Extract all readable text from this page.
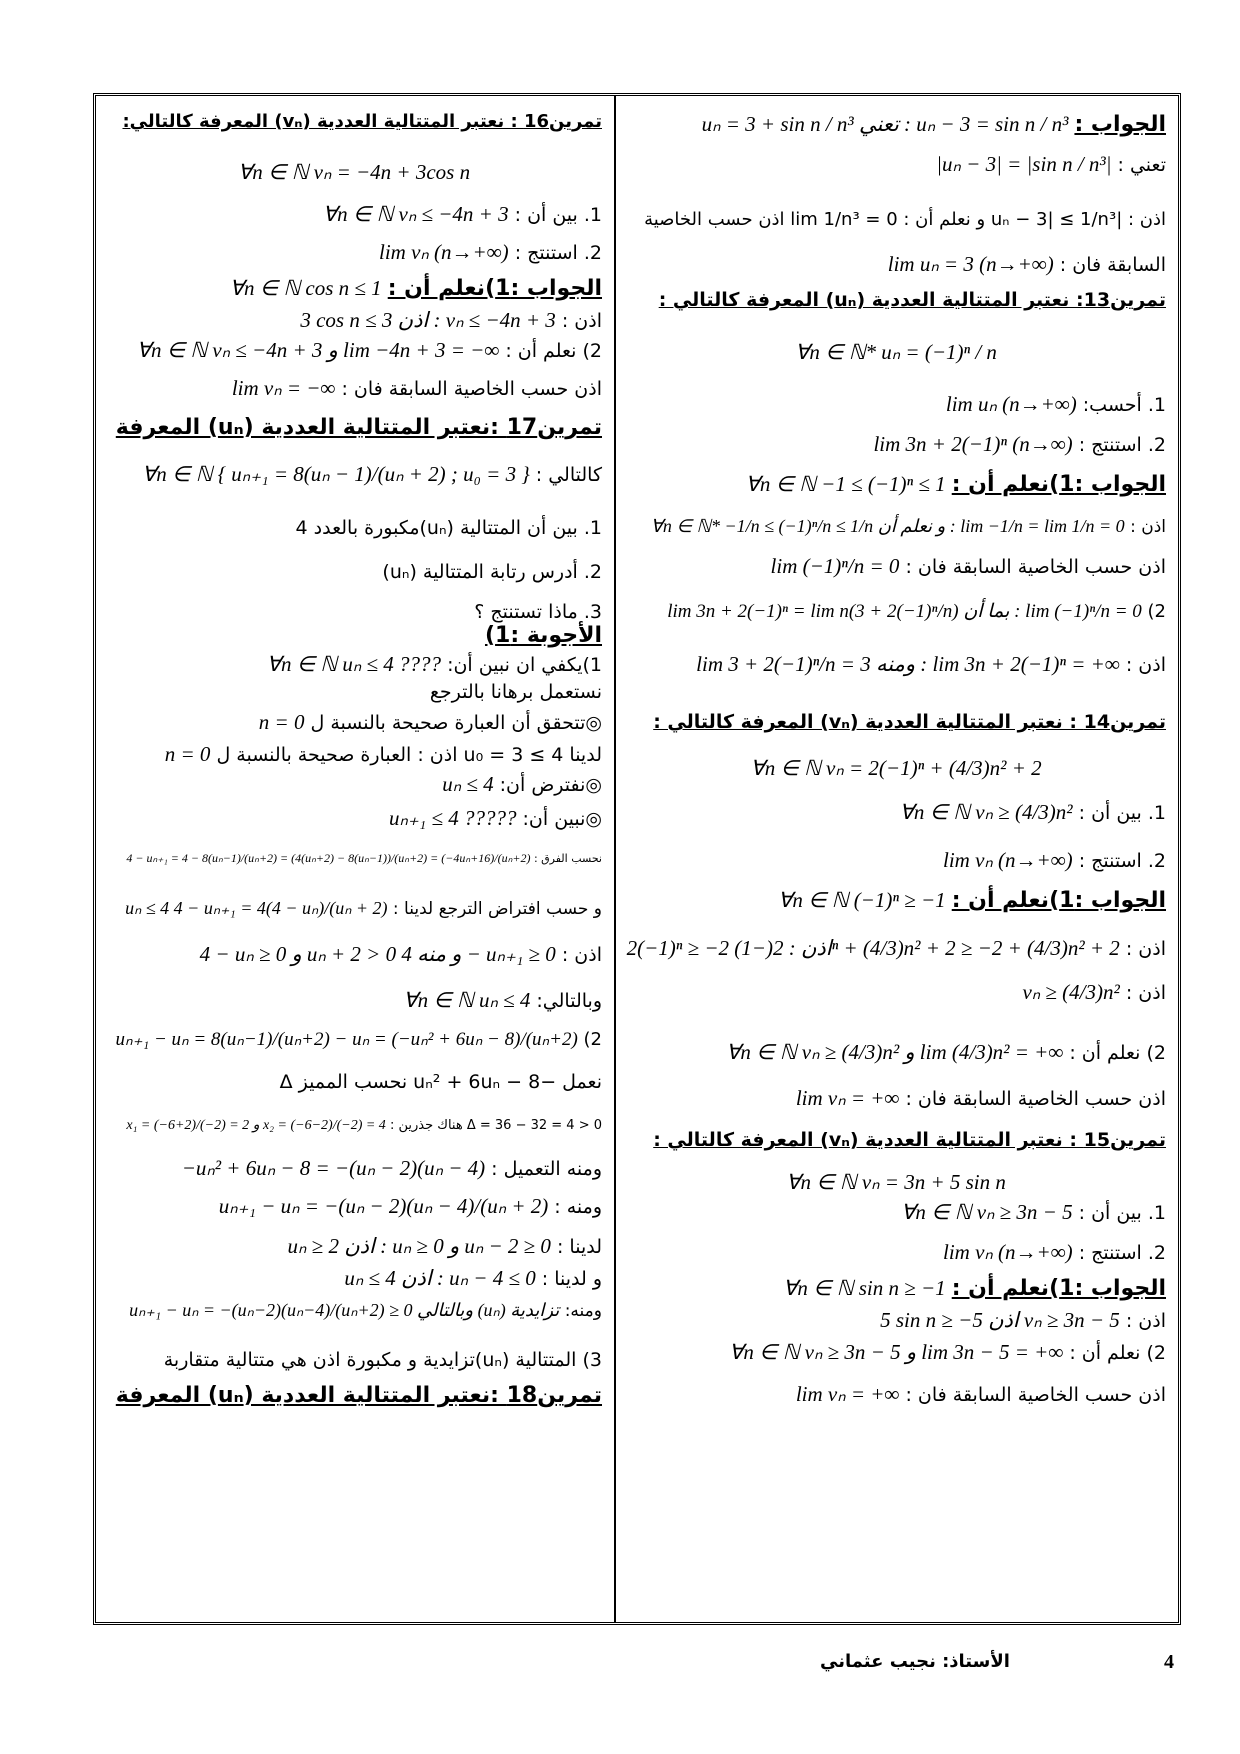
الجواب : uₙ = 3 + sin n / n³ تعني : uₙ − 3 = sin n / n³
تعني : |uₙ − 3| = |sin n / n³|
اذن : |uₙ − 3| ≤ 1/n³ و نعلم أن : lim 1/n³ = 0 اذن حسب الخاصية
السابقة فان : lim uₙ = 3 (n→+∞)
تمرين13: نعتبر المتتالية العددية (uₙ) المعرفة كالتالي :
∀n ∈ ℕ* uₙ = (−1)ⁿ / n
1. أحسب: lim uₙ (n→+∞)
2. استنتج : lim 3n + 2(−1)ⁿ (n→∞)
الجواب :1)نعلم أن : ∀n ∈ ℕ −1 ≤ (−1)ⁿ ≤ 1
اذن : ∀n ∈ ℕ* −1/n ≤ (−1)ⁿ/n ≤ 1/n و نعلم أن : lim −1/n = lim 1/n = 0
اذن حسب الخاصية السابقة فان : lim (−1)ⁿ/n = 0
2) lim 3n + 2(−1)ⁿ = lim n(3 + 2(−1)ⁿ/n) بما أن : lim (−1)ⁿ/n = 0
اذن : lim 3 + 2(−1)ⁿ/n = 3 ومنه : lim 3n + 2(−1)ⁿ = +∞
تمرين14 : نعتبر المتتالية العددية (vₙ) المعرفة كالتالي :
∀n ∈ ℕ vₙ = 2(−1)ⁿ + (4/3)n² + 2
1. بين أن : ∀n ∈ ℕ vₙ ≥ (4/3)n²
2. استنتج : lim vₙ (n→+∞)
الجواب :1)نعلم أن : ∀n ∈ ℕ (−1)ⁿ ≥ −1
اذن : 2(−1)ⁿ ≥ −2 اذن : 2(−1)ⁿ + (4/3)n² + 2 ≥ −2 + (4/3)n² + 2
اذن : vₙ ≥ (4/3)n²
2) نعلم أن : ∀n ∈ ℕ vₙ ≥ (4/3)n² و lim (4/3)n² = +∞
اذن حسب الخاصية السابقة فان : lim vₙ = +∞
تمرين15 : نعتبر المتتالية العددية (vₙ) المعرفة كالتالي :
∀n ∈ ℕ vₙ = 3n + 5 sin n
1. بين أن : ∀n ∈ ℕ vₙ ≥ 3n − 5
2. استنتج : lim vₙ (n→+∞)
الجواب :1)نعلم أن : ∀n ∈ ℕ sin n ≥ −1
اذن : 5 sin n ≥ −5 اذن vₙ ≥ 3n − 5
2) نعلم أن : ∀n ∈ ℕ vₙ ≥ 3n − 5 و lim 3n − 5 = +∞
اذن حسب الخاصية السابقة فان : lim vₙ = +∞
تمرين16 : نعتبر المتتالية العددية (vₙ) المعرفة كالتالي:
∀n ∈ ℕ vₙ = −4n + 3cos n
1. بين أن : ∀n ∈ ℕ vₙ ≤ −4n + 3
2. استنتج : lim vₙ (n→+∞)
الجواب :1)نعلم أن : ∀n ∈ ℕ cos n ≤ 1
اذن : 3 cos n ≤ 3 اذن : vₙ ≤ −4n + 3
2) نعلم أن : ∀n ∈ ℕ vₙ ≤ −4n + 3 و lim −4n + 3 = −∞
اذن حسب الخاصية السابقة فان : lim vₙ = −∞
تمرين17 :نعتبر المتتالية العددية (uₙ) المعرفة
كالتالي : ∀n ∈ ℕ { uₙ₊₁ = 8(uₙ − 1)/(uₙ + 2) ; u₀ = 3 }
1. بين أن المتتالية (uₙ)مكبورة بالعدد 4
2. أدرس رتابة المتتالية (uₙ)
3. ماذا تستنتج ؟
الأجوبة :1)
1)يكفي ان نبين أن: ∀n ∈ ℕ uₙ ≤ 4 ????
نستعمل برهانا بالترجع
◎تتحقق أن العبارة صحيحة بالنسبة ل n = 0
لدينا u₀ = 3 ≤ 4 اذن : العبارة صحيحة بالنسبة ل n = 0
◎نفترض أن: uₙ ≤ 4
◎نبين أن: uₙ₊₁ ≤ 4 ?????
نحسب الفرق : 4 − uₙ₊₁ = 4 − 8(uₙ−1)/(uₙ+2) = (4(uₙ+2) − 8(uₙ−1))/(uₙ+2) = (−4uₙ+16)/(uₙ+2)
و حسب افتراض الترجع لدينا : uₙ ≤ 4 4 − uₙ₊₁ = 4(4 − uₙ)/(uₙ + 2)
اذن : 4 − uₙ ≥ 0 و uₙ + 2 > 0 و منه 4 − uₙ₊₁ ≥ 0
وبالتالي: ∀n ∈ ℕ uₙ ≤ 4
2) uₙ₊₁ − uₙ = 8(uₙ−1)/(uₙ+2) − uₙ = (−uₙ² + 6uₙ − 8)/(uₙ+2)
نعمل −uₙ² + 6uₙ − 8 نحسب المميز Δ
Δ = 36 − 32 = 4 > 0 هناك جذرين : x₁ = (−6+2)/(−2) = 2 و x₂ = (−6−2)/(−2) = 4
ومنه التعميل : −uₙ² + 6uₙ − 8 = −(uₙ − 2)(uₙ − 4)
ومنه : uₙ₊₁ − uₙ = −(uₙ − 2)(uₙ − 4)/(uₙ + 2)
لدينا : uₙ ≥ 2 اذن : uₙ ≥ 0 و uₙ − 2 ≥ 0
و لدينا : uₙ ≤ 4 اذن : uₙ − 4 ≤ 0
ومنه: uₙ₊₁ − uₙ = −(uₙ−2)(uₙ−4)/(uₙ+2) ≥ 0 وبالتالي (uₙ) تزايدية
3) المتتالية (uₙ)تزايدية و مكبورة اذن هي متتالية متقاربة
تمرين18 :نعتبر المتتالية العددية (uₙ) المعرفة
4
الأستاذ: نجيب عثماني
